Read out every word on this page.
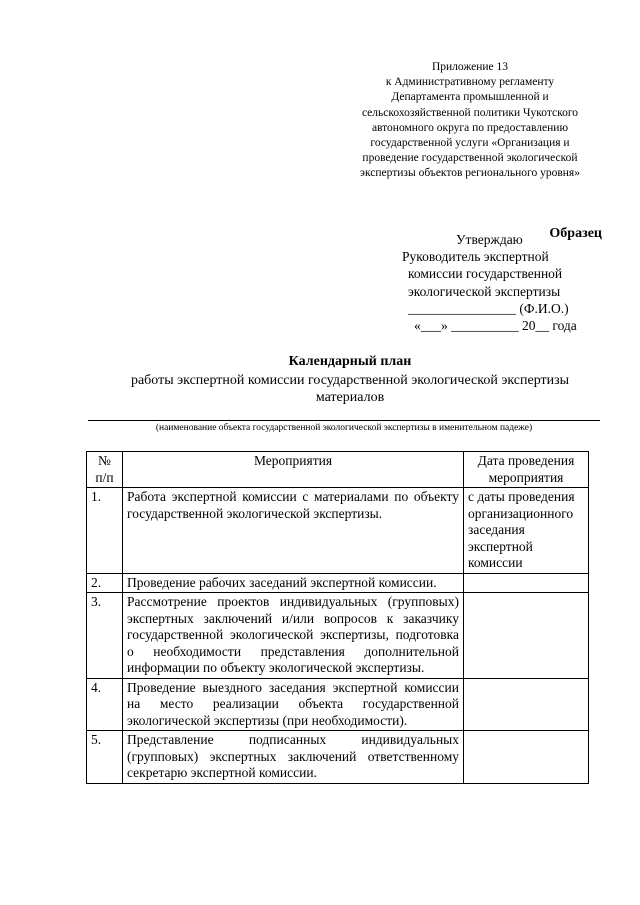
Приложение 13
к Административному регламенту
Департамента промышленной и
сельскохозяйственной политики Чукотского
автономного округа по предоставлению
государственной услуги «Организация и
проведение государственной экологической
экспертизы объектов регионального уровня»
Образец
Утверждаю
Руководитель экспертной
комиссии государственной
экологической экспертизы
________________ (Ф.И.О.)
«___» __________ 20__ года
Календарный план
работы экспертной комиссии государственной экологической экспертизы
материалов
(наименование объекта государственной экологической экспертизы в именительном падеже)
№ п/п	Мероприятия	Дата проведения мероприятия
1.	Работа экспертной комиссии с материалами по объекту государственной экологической экспертизы.	с даты проведения организационного заседания экспертной комиссии
2.	Проведение рабочих заседаний экспертной комиссии.	
3.	Рассмотрение проектов индивидуальных (групповых) экспертных заключений и/или вопросов к заказчику государственной экологической экспертизы, подготовка о необходимости представления дополнительной информации по объекту экологической экспертизы.	
4.	Проведение выездного заседания экспертной комиссии на место реализации объекта государственной экологической экспертизы (при необходимости).	
5.	Представление подписанных индивидуальных (групповых) экспертных заключений ответственному секретарю экспертной комиссии.	
